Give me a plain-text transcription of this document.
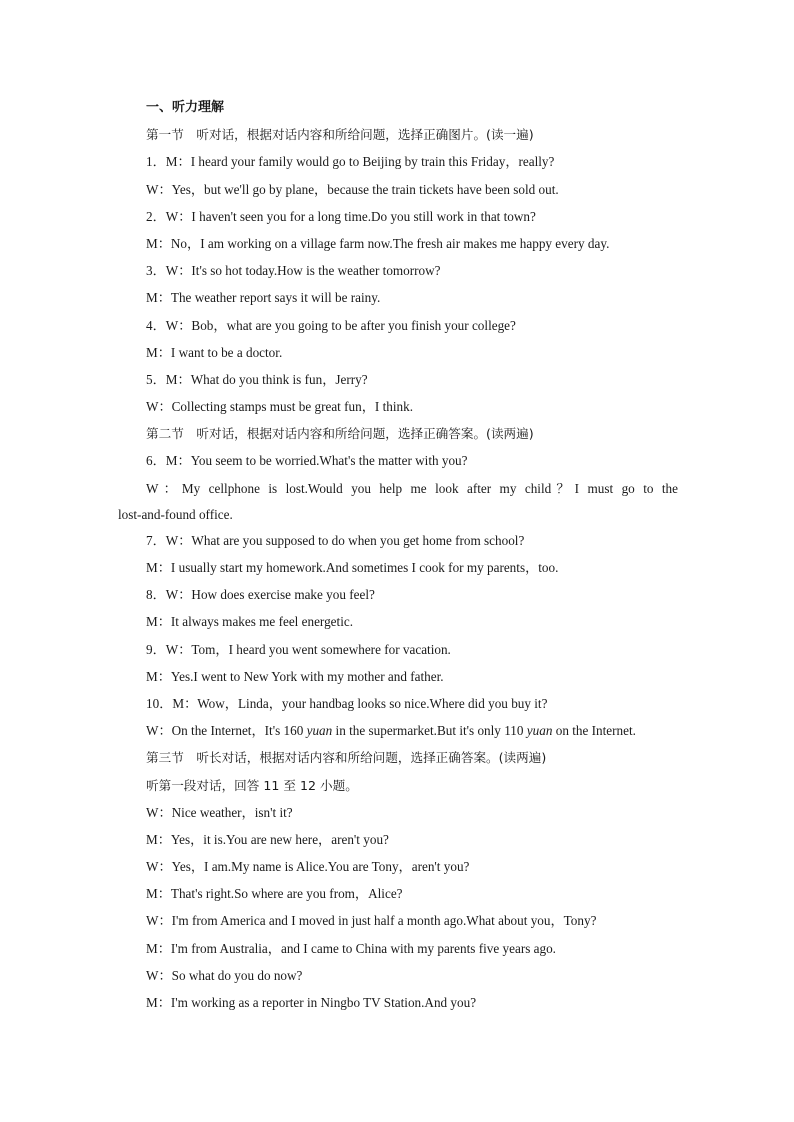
一、听力理解
第一节　听对话，根据对话内容和所给问题，选择正确图片。(读一遍)
1．M：I heard your family would go to Beijing by train this Friday，really?
W：Yes，but we'll go by plane，because the train tickets have been sold out.
2．W：I haven't seen you for a long time.Do you still work in that town?
M：No，I am working on a village farm now.The fresh air makes me happy every day.
3．W：It's so hot today.How is the weather tomorrow?
M：The weather report says it will be rainy.
4．W：Bob，what are you going to be after you finish your college?
M：I want to be a doctor.
5．M：What do you think is fun，Jerry?
W：Collecting stamps must be great fun，I think.
第二节　听对话，根据对话内容和所给问题，选择正确答案。(读两遍)
6．M：You seem to be worried.What's the matter with you?
W：My cellphone is lost.Would you help me look after my child？I must go to the
lost-and-found office.
7．W：What are you supposed to do when you get home from school?
M：I usually start my homework.And sometimes I cook for my parents，too.
8．W：How does exercise make you feel?
M：It always makes me feel energetic.
9．W：Tom，I heard you went somewhere for vacation.
M：Yes.I went to New York with my mother and father.
10．M：Wow，Linda，your handbag looks so nice.Where did you buy it?
W：On the Internet，It's 160 yuan in the supermarket.But it's only 110 yuan on the Internet.
第三节　听长对话，根据对话内容和所给问题，选择正确答案。(读两遍)
听第一段对话，回答 11 至 12 小题。
W：Nice weather，isn't it?
M：Yes，it is.You are new here，aren't you?
W：Yes，I am.My name is Alice.You are Tony，aren't you?
M：That's right.So where are you from，Alice?
W：I'm from America and I moved in just half a month ago.What about you，Tony?
M：I'm from Australia，and I came to China with my parents five years ago.
W：So what do you do now?
M：I'm working as a reporter in Ningbo TV Station.And you?
